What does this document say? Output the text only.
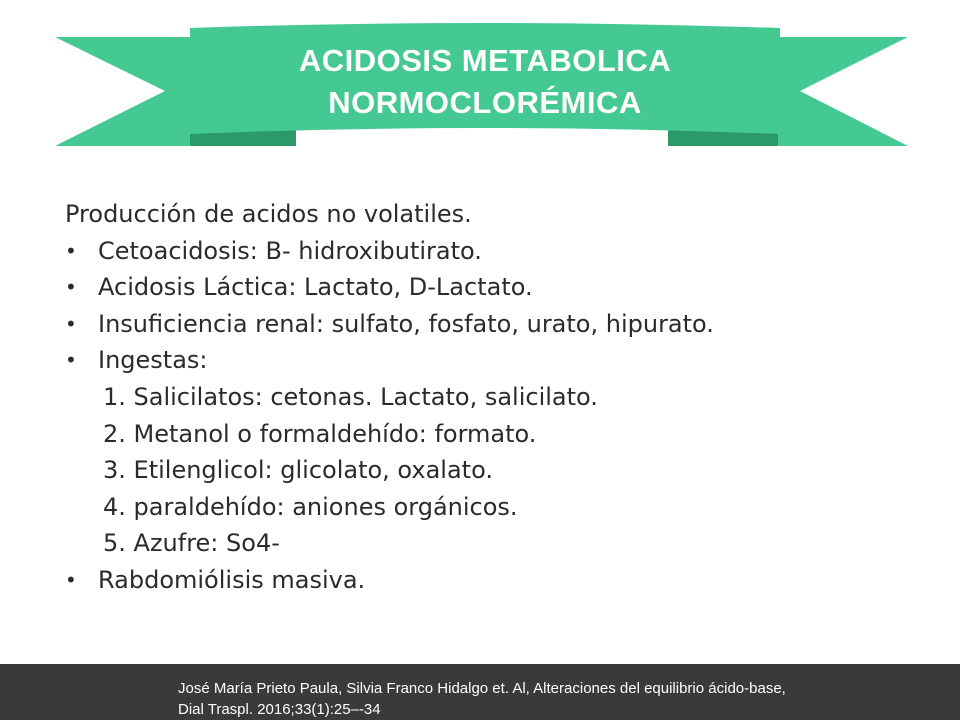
ACIDOSIS METABOLICA
NORMOCLORÉMICA
Producción de acidos no volatiles.
• Cetoacidosis: B- hidroxibutirato.
• Acidosis Láctica: Lactato, D-Lactato.
• Insuficiencia renal: sulfato, fosfato, urato, hipurato.
• Ingestas:
1. Salicilatos: cetonas. Lactato, salicilato.
2. Metanol o formaldehído: formato.
3. Etilenglicol: glicolato, oxalato.
4. paraldehído: aniones orgánicos.
5. Azufre: So4-
• Rabdomiólisis masiva.
José María Prieto Paula, Silvia Franco Hidalgo et. Al, Alteraciones del equilibrio ácido-base,
Dial Traspl. 2016;33(1):25–-34
